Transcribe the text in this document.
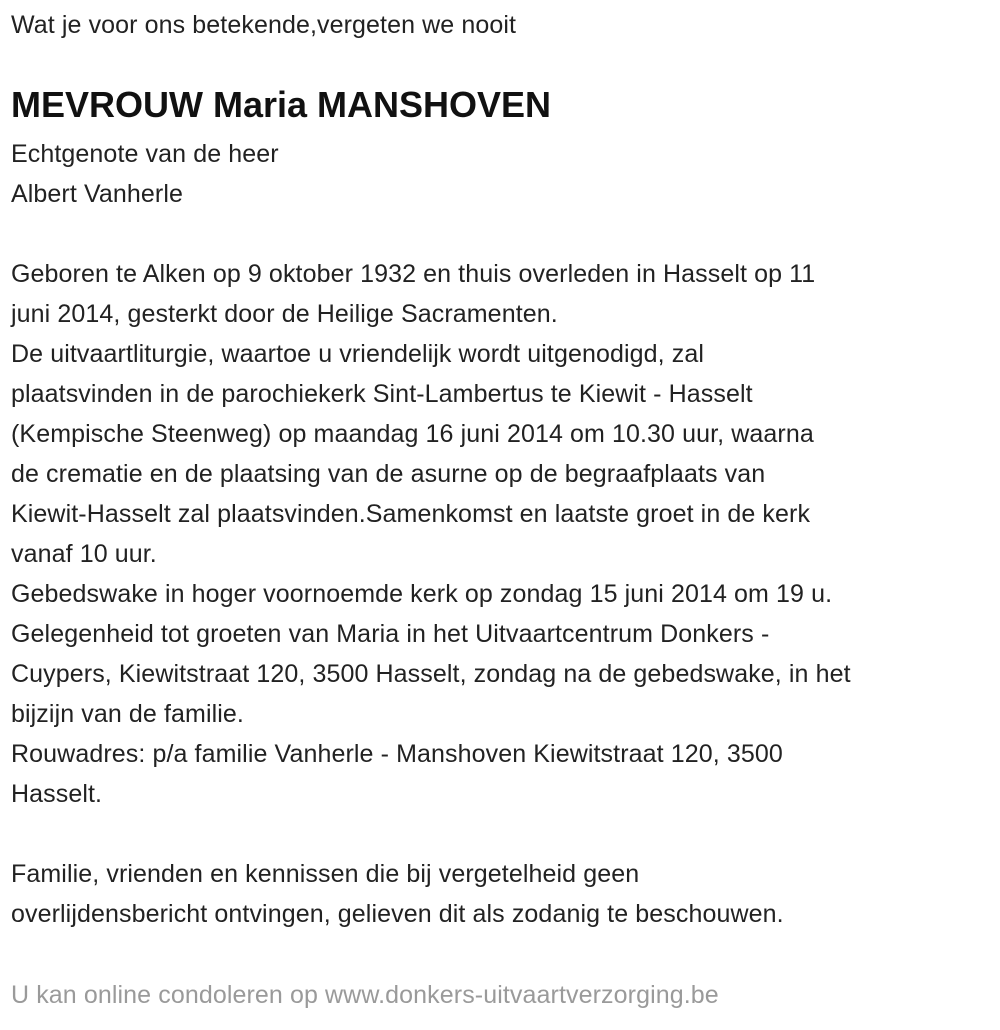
Wat je voor ons betekende,vergeten we nooit
MEVROUW Maria MANSHOVEN
Echtgenote van de heer
Albert Vanherle
Geboren te Alken op 9 oktober 1932 en thuis overleden in Hasselt op 11
juni 2014, gesterkt door de Heilige Sacramenten.
De uitvaartliturgie, waartoe u vriendelijk wordt uitgenodigd, zal
plaatsvinden in de parochiekerk Sint-Lambertus te Kiewit - Hasselt
(Kempische Steenweg) op maandag 16 juni 2014 om 10.30 uur, waarna
de crematie en de plaatsing van de asurne op de begraafplaats van
Kiewit-Hasselt zal plaatsvinden.Samenkomst en laatste groet in de kerk
vanaf 10 uur.
Gebedswake in hoger voornoemde kerk op zondag 15 juni 2014 om 19 u.
Gelegenheid tot groeten van Maria in het Uitvaartcentrum Donkers -
Cuypers, Kiewitstraat 120, 3500 Hasselt, zondag na de gebedswake, in het
bijzijn van de familie.
Rouwadres: p/a familie Vanherle - Manshoven Kiewitstraat 120, 3500
Hasselt.
Familie, vrienden en kennissen die bij vergetelheid geen
overlijdensbericht ontvingen, gelieven dit als zodanig te beschouwen.
U kan online condoleren op www.donkers-uitvaartverzorging.be
